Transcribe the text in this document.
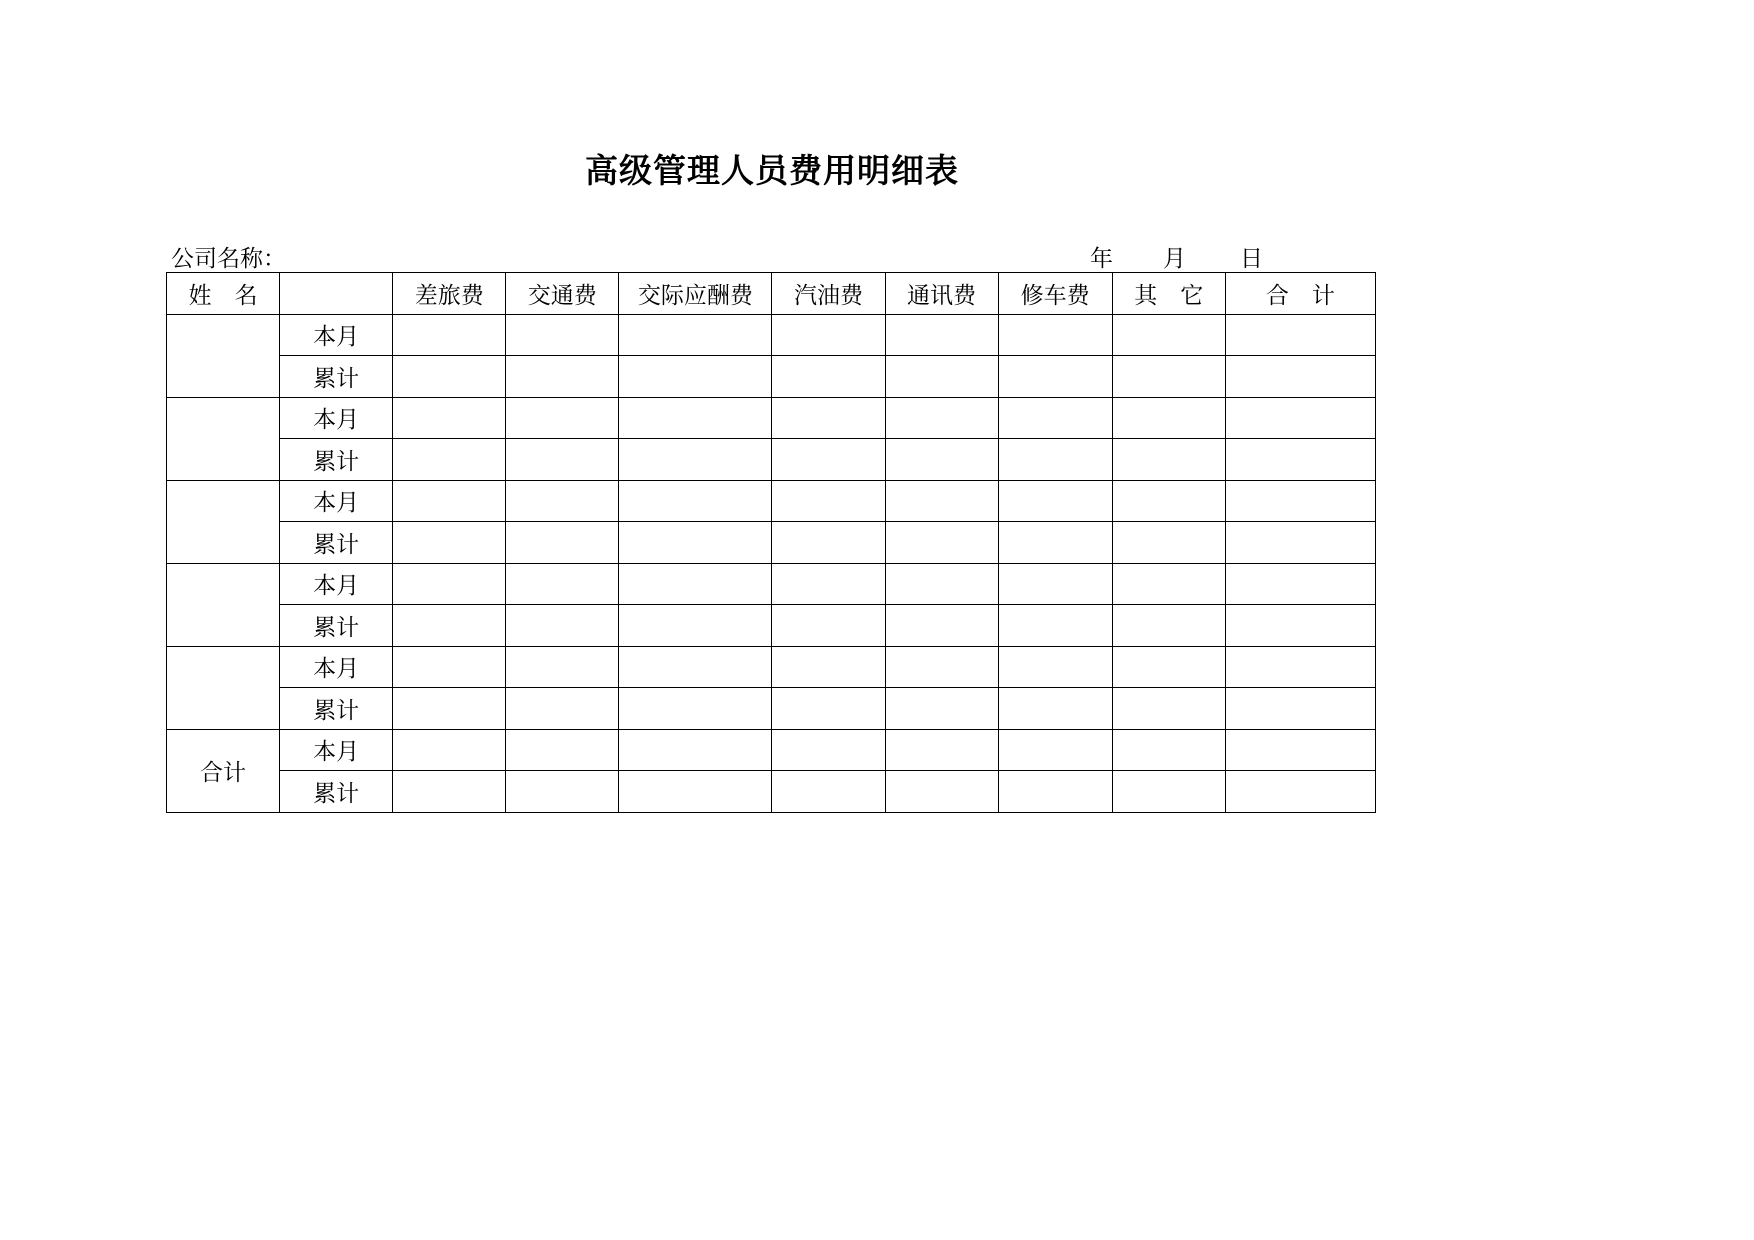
高级管理人员费用明细表
公司名称：	年 月 日
姓　名		差旅费	交通费	交际应酬费	汽油费	通讯费	修车费	其　它	合　计
	本月								
	累计								
	本月								
	累计								
	本月								
	累计								
	本月								
	累计								
	本月								
	累计								
合计	本月								
	累计								
